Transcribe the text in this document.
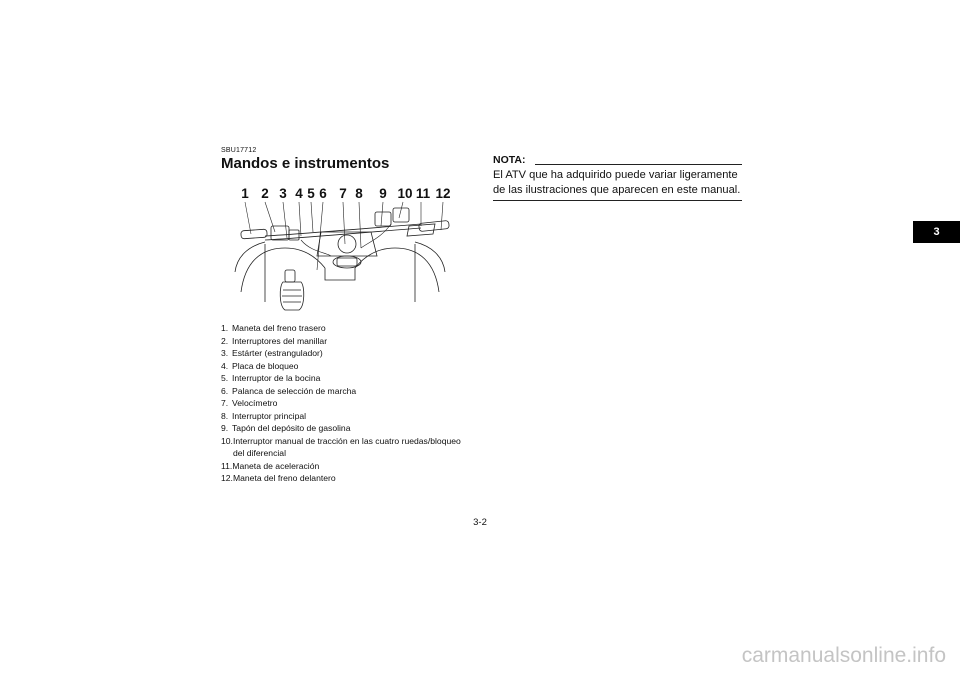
SBU17712
Mandos e instrumentos
1 2 3 4 5 6 7 8 9 10 11 12
1. Maneta del freno trasero
2. Interruptores del manillar
3. Estárter (estrangulador)
4. Placa de bloqueo
5. Interruptor de la bocina
6. Palanca de selección de marcha
7. Velocímetro
8. Interruptor principal
9. Tapón del depósito de gasolina
10. Interruptor manual de tracción en las cuatro ruedas/bloqueo del diferencial
11. Maneta de aceleración
12. Maneta del freno delantero
NOTA:
El ATV que ha adquirido puede variar ligeramente de las ilustraciones que aparecen en este manual.
3
3-2
carmanualsonline.info
